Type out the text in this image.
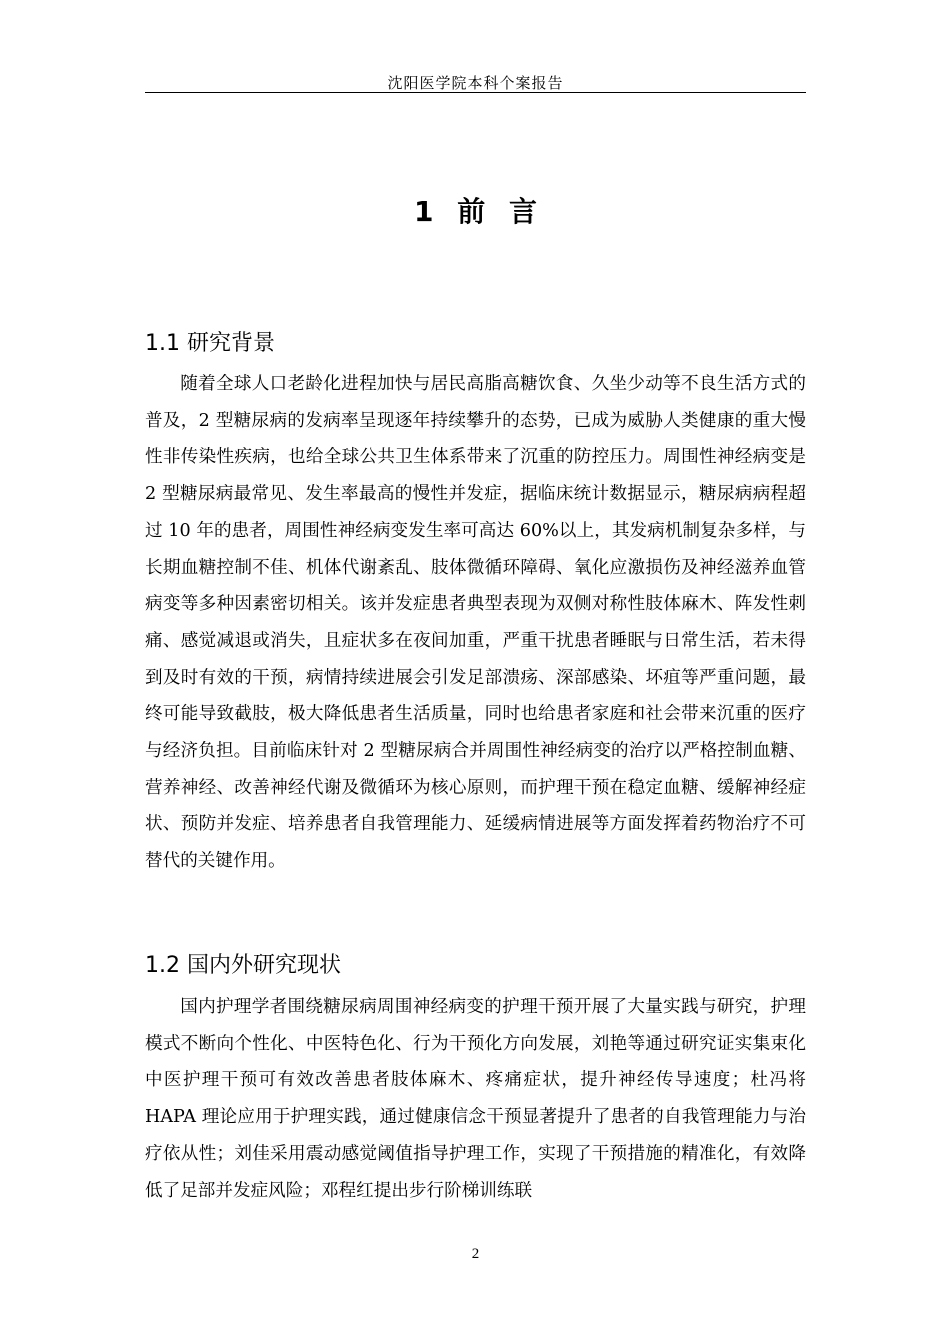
沈阳医学院本科个案报告
1 前 言
1.1 研究背景

随着全球人口老龄化进程加快与居民高脂高糖饮食、久坐少动等不良生活方式的普及，2 型糖尿病的发病率呈现逐年持续攀升的态势，已成为威胁人类健康的重大慢性非传染性疾病，也给全球公共卫生体系带来了沉重的防控压力。周围性神经病变是 2 型糖尿病最常见、发生率最高的慢性并发症，据临床统计数据显示，糖尿病病程超过 10 年的患者，周围性神经病变发生率可高达 60%以上，其发病机制复杂多样，与长期血糖控制不佳、机体代谢紊乱、肢体微循环障碍、氧化应激损伤及神经滋养血管病变等多种因素密切相关。该并发症患者典型表现为双侧对称性肢体麻木、阵发性刺痛、感觉减退或消失，且症状多在夜间加重，严重干扰患者睡眠与日常生活，若未得到及时有效的干预，病情持续进展会引发足部溃疡、深部感染、坏疽等严重问题，最终可能导致截肢，极大降低患者生活质量，同时也给患者家庭和社会带来沉重的医疗与经济负担。目前临床针对 2 型糖尿病合并周围性神经病变的治疗以严格控制血糖、营养神经、改善神经代谢及微循环为核心原则，而护理干预在稳定血糖、缓解神经症状、预防并发症、培养患者自我管理能力、延缓病情进展等方面发挥着药物治疗不可替代的关键作用。

1.2 国内外研究现状

国内护理学者围绕糖尿病周围神经病变的护理干预开展了大量实践与研究，护理模式不断向个性化、中医特色化、行为干预化方向发展，刘艳等通过研究证实集束化中医护理干预可有效改善患者肢体麻木、疼痛症状，提升神经传导速度；杜冯将 HAPA 理论应用于护理实践，通过健康信念干预显著提升了患者的自我管理能力与治疗依从性；刘佳采用震动感觉阈值指导护理工作，实现了干预措施的精准化，有效降低了足部并发症风险；邓程红提出步行阶梯训练联

2
